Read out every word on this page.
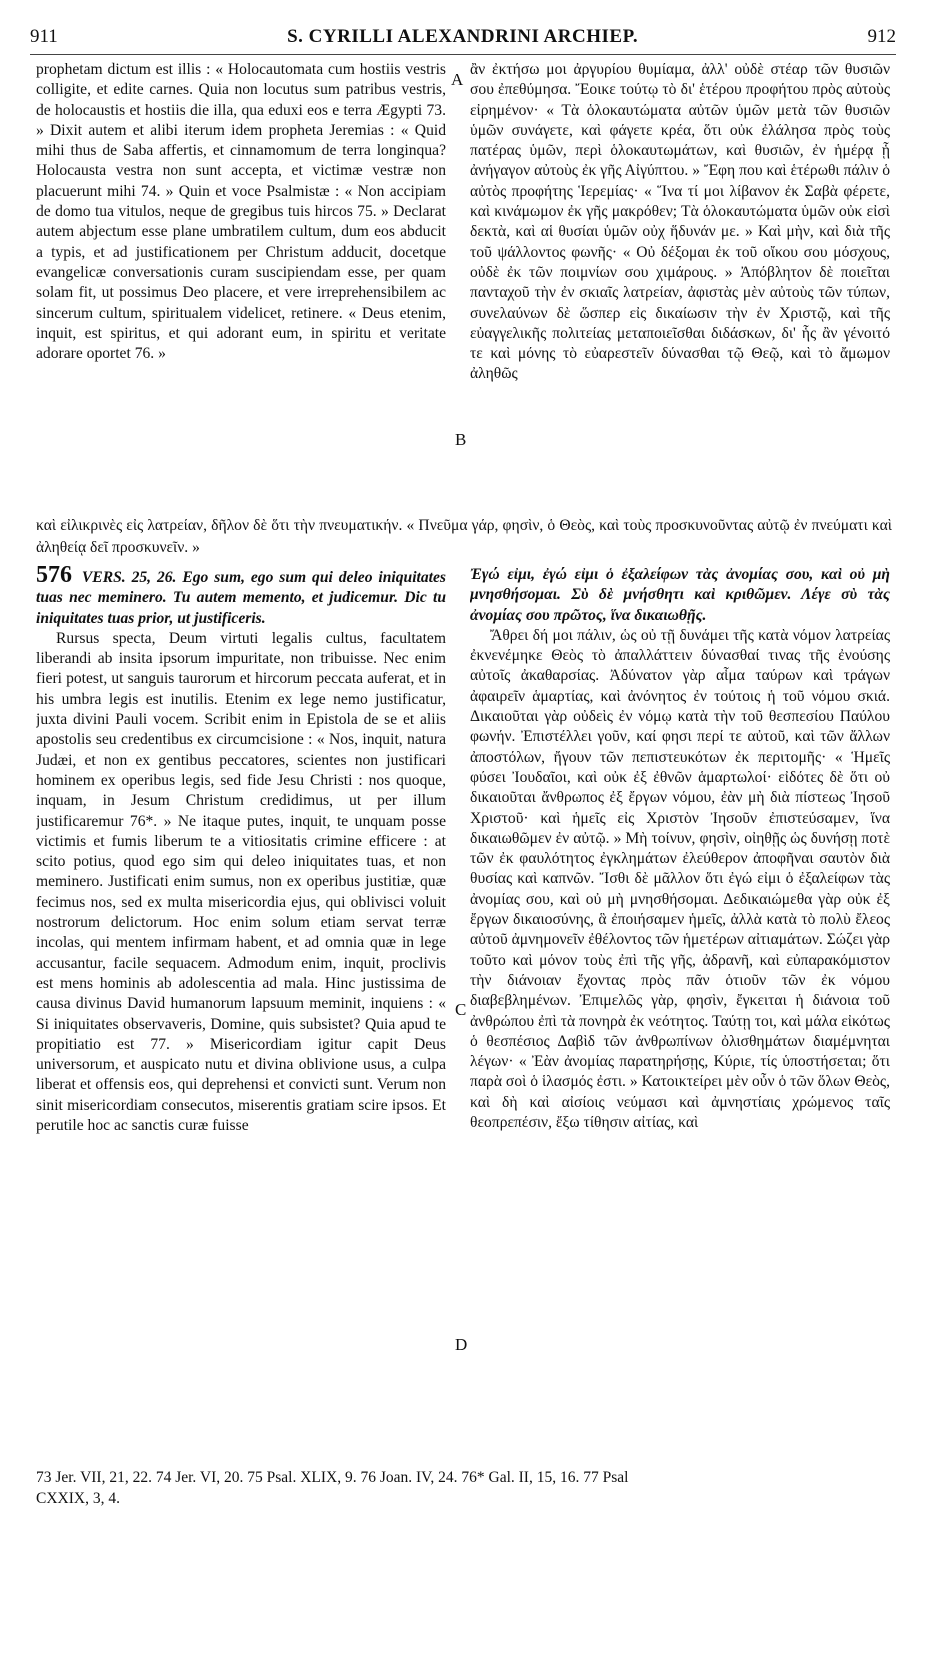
911	S. CYRILLI ALEXANDRINI ARCHIEP.	912

prophetam dictum est illis : « Holocautomata cum hostiis vestris colligite, et edite carnes. Quia non locutus sum patribus vestris, de holocaustis et hostiis die illa, qua eduxi eos e terra Ægypti 73. » Dixit autem et alibi iterum idem propheta Jeremias : « Quid mihi thus de Saba affertis, et cinnamomum de terra longinqua? Holocausta vestra non sunt accepta, et victimæ vestræ non placuerunt mihi 74. » Quin et voce Psalmistæ : « Non accipiam de domo tua vitulos, neque de gregibus tuis hircos 75. » Declarat autem abjectum esse plane umbratilem cultum, dum eos abducit a typis, et ad justificationem per Christum adducit, docetque evangelicæ conversationis curam suscipiendam esse, per quam solam fit, ut possimus Deo placere, et vere irreprehensibilem ac sincerum cultum, spiritualem videlicet, retinere. « Deus etenim, inquit, est spiritus, et qui adorant eum, in spiritu et veritate adorare oportet 76. »

ἂν ἐκτήσω μοι ἀργυρίου θυμίαμα, ἀλλ' οὐδὲ στέαρ τῶν θυσιῶν σου ἐπεθύμησα. Ἔοικε τούτῳ τὸ δι' ἑτέρου προφήτου πρὸς αὐτοὺς εἰρημένον· « Τὰ ὁλοκαυτώματα αὐτῶν ὑμῶν μετὰ τῶν θυσιῶν ὑμῶν συνάγετε, καὶ φάγετε κρέα, ὅτι οὐκ ἐλάλησα πρὸς τοὺς πατέρας ὑμῶν, περὶ ὁλοκαυτωμάτων, καὶ θυσιῶν, ἐν ἡμέρᾳ ᾗ ἀνήγαγον αὐτοὺς ἐκ γῆς Αἰγύπτου. » Ἔφη που καὶ ἑτέρωθι πάλιν ὁ αὐτὸς προφήτης Ἱερεμίας· « Ἵνα τί μοι λίβανον ἐκ Σαβὰ φέρετε, καὶ κινάμωμον ἐκ γῆς μακρόθεν; Τὰ ὁλοκαυτώματα ὑμῶν οὐκ εἰσὶ δεκτὰ, καὶ αἱ θυσίαι ὑμῶν οὐχ ἥδυνάν με. » Καὶ μὴν, καὶ διὰ τῆς τοῦ ψάλλοντος φωνῆς· « Οὐ δέξομαι ἐκ τοῦ οἴκου σου μόσχους, οὐδὲ ἐκ τῶν ποιμνίων σου χιμάρους. » Ἀπόβλητον δὲ ποιεῖται πανταχοῦ τὴν ἐν σκιαῖς λατρείαν, ἀφιστὰς μὲν αὐτοὺς τῶν τύπων, συνελαύνων δὲ ὥσπερ εἰς δικαίωσιν τὴν ἐν Χριστῷ, καὶ τῆς εὐαγγελικῆς πολιτείας μεταποιεῖσθαι διδάσκων, δι' ἧς ἂν γένοιτό τε καὶ μόνης τὸ εὐαρεστεῖν δύνασθαι τῷ Θεῷ, καὶ τὸ ἄμωμον ἀληθῶς

A
B
C
D
καὶ εἰλικρινὲς εἰς λατρείαν, δῆλον δὲ ὅτι τὴν πνευματικήν. « Πνεῦμα γάρ, φησὶν, ὁ Θεὸς, καὶ τοὺς προσκυνοῦντας αὐτῷ ἐν πνεύματι καὶ ἀληθείᾳ δεῖ προσκυνεῖν. »

576 VERS. 25, 26. Ego sum, ego sum qui deleo iniquitates tuas nec meminero. Tu autem memento, et judicemur. Dic tu iniquitates tuas prior, ut justificeris.

Rursus specta, Deum virtuti legalis cultus, facultatem liberandi ab insita ipsorum impuritate, non tribuisse. Nec enim fieri potest, ut sanguis taurorum et hircorum peccata auferat, et in his umbra legis est inutilis. Etenim ex lege nemo justificatur, juxta divini Pauli vocem. Scribit enim in Epistola de se et aliis apostolis seu credentibus ex circumcisione : « Nos, inquit, natura Judæi, et non ex gentibus peccatores, scientes non justificari hominem ex operibus legis, sed fide Jesu Christi : nos quoque, inquam, in Jesum Christum credidimus, ut per illum justificaremur 76*. » Ne itaque putes, inquit, te unquam posse victimis et fumis liberum te a vitiositatis crimine efficere : at scito potius, quod ego sim qui deleo iniquitates tuas, et non meminero. Justificati enim sumus, non ex operibus justitiæ, quæ fecimus nos, sed ex multa misericordia ejus, qui oblivisci voluit nostrorum delictorum. Hoc enim solum etiam servat terræ incolas, qui mentem infirmam habent, et ad omnia quæ in lege accusantur, facile sequacem. Admodum enim, inquit, proclivis est mens hominis ab adolescentia ad mala. Hinc justissima de causa divinus David humanorum lapsuum meminit, inquiens : « Si iniquitates observaveris, Domine, quis subsistet? Quia apud te propitiatio est 77. » Misericordiam igitur capit Deus universorum, et auspicato nutu et divina oblivione usus, a culpa liberat et offensis eos, qui deprehensi et convicti sunt. Verum non sinit misericordiam consecutos, miserentis gratiam scire ipsos. Et perutile hoc ac sanctis curæ fuisse

Ἐγώ εἰμι, ἐγώ εἰμι ὁ ἐξαλείφων τὰς ἀνομίας σου, καὶ οὐ μὴ μνησθήσομαι. Σὺ δὲ μνήσθητι καὶ κριθῶμεν. Λέγε σὺ τὰς ἀνομίας σου πρῶτος, ἵνα δικαιωθῇς.

Ἄθρει δή μοι πάλιν, ὡς οὐ τῇ δυνάμει τῆς κατὰ νόμον λατρείας ἐκνενέμηκε Θεὸς τὸ ἀπαλλάττειν δύνασθαί τινας τῆς ἐνούσης αὐτοῖς ἀκαθαρσίας. Ἀδύνατον γὰρ αἷμα ταύρων καὶ τράγων ἀφαιρεῖν ἁμαρτίας, καὶ ἀνόνητος ἐν τούτοις ἡ τοῦ νόμου σκιά. Δικαιοῦται γὰρ οὐδεὶς ἐν νόμῳ κατὰ τὴν τοῦ θεσπεσίου Παύλου φωνήν. Ἐπιστέλλει γοῦν, καί φησι περί τε αὐτοῦ, καὶ τῶν ἄλλων ἀποστόλων, ἤγουν τῶν πεπιστευκότων ἐκ περιτομῆς· « Ἡμεῖς φύσει Ἰουδαῖοι, καὶ οὐκ ἐξ ἐθνῶν ἁμαρτωλοί· εἰδότες δὲ ὅτι οὐ δικαιοῦται ἄνθρωπος ἐξ ἔργων νόμου, ἐὰν μὴ διὰ πίστεως Ἰησοῦ Χριστοῦ· καὶ ἡμεῖς εἰς Χριστὸν Ἰησοῦν ἐπιστεύσαμεν, ἵνα δικαιωθῶμεν ἐν αὐτῷ. » Μὴ τοίνυν, φησὶν, οἰηθῇς ὡς δυνήσῃ ποτὲ τῶν ἐκ φαυλότητος ἐγκλημάτων ἐλεύθερον ἀποφῆναι σαυτὸν διὰ θυσίας καὶ καπνῶν. Ἴσθι δὲ μᾶλλον ὅτι ἐγώ εἰμι ὁ ἐξαλείφων τὰς ἀνομίας σου, καὶ οὐ μὴ μνησθήσομαι. Δεδικαιώμεθα γὰρ οὐκ ἐξ ἔργων δικαιοσύνης, ἃ ἐποιήσαμεν ἡμεῖς, ἀλλὰ κατὰ τὸ πολὺ ἔλεος αὐτοῦ ἀμνημονεῖν ἐθέλοντος τῶν ἡμετέρων αἰτιαμάτων. Σώζει γὰρ τοῦτο καὶ μόνον τοὺς ἐπὶ τῆς γῆς, ἀδρανῆ, καὶ εὐπαρακόμιστον τὴν διάνοιαν ἔχοντας πρὸς πᾶν ὁτιοῦν τῶν ἐκ νόμου διαβεβλημένων. Ἐπιμελῶς γὰρ, φησὶν, ἔγκειται ἡ διάνοια τοῦ ἀνθρώπου ἐπὶ τὰ πονηρὰ ἐκ νεότητος. Ταύτῃ τοι, καὶ μάλα εἰκότως ὁ θεσπέσιος Δαβὶδ τῶν ἀνθρωπίνων ὀλισθημάτων διαμέμνηται λέγων· « Ἐὰν ἀνομίας παρατηρήσῃς, Κύριε, τίς ὑποστήσεται; ὅτι παρὰ σοὶ ὁ ἱλασμός ἐστι. » Κατοικτείρει μὲν οὖν ὁ τῶν ὅλων Θεὸς, καὶ δὴ καὶ αἰσίοις νεύμασι καὶ ἀμνηστίαις χρώμενος ταῖς θεοπρεπέσιν, ἔξω τίθησιν αἰτίας, καὶ

73 Jer. VII, 21, 22. 74 Jer. VI, 20. 75 Psal. XLIX, 9. 76 Joan. IV, 24. 76* Gal. II, 15, 16. 77 Psal
CXXIX, 3, 4.
